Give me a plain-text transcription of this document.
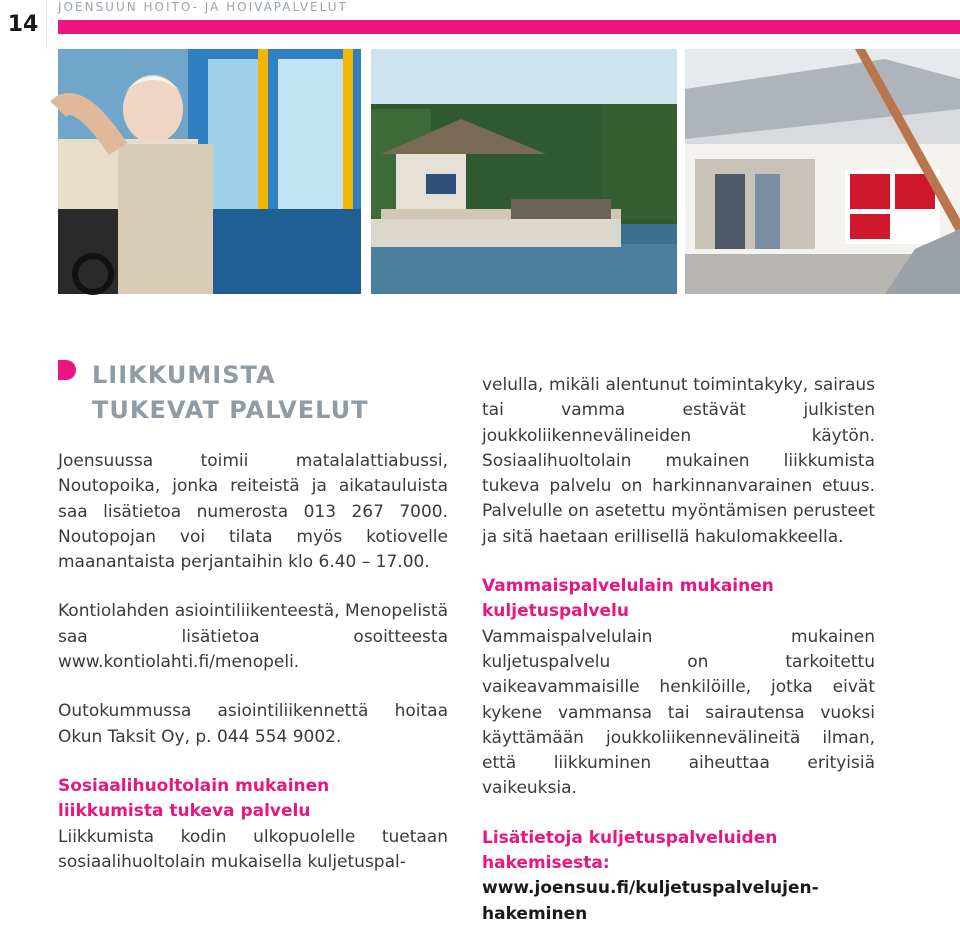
14
JOENSUUN HOITO- JA HOIVAPALVELUT
LIIKKUMISTA
TUKEVAT PALVELUT

Joensuussa toimii matalalattiabussi, Noutopoika, jonka reiteistä ja aikatauluista saa lisätietoa numerosta 013 267 7000. Noutopojan voi tilata myös kotiovelle maanantaista perjantaihin klo 6.40 – 17.00.

Kontiolahden asiointiliikenteestä, Menopelistä saa lisätietoa osoitteesta www.kontiolahti.fi/menopeli.

Outokummussa asiointiliikennettä hoitaa Okun Taksit Oy, p. 044 554 9002.

Sosiaalihuoltolain mukainen
liikkumista tukeva palvelu

Liikkumista kodin ulkopuolelle tuetaan sosiaalihuoltolain mukaisella kuljetuspal-

velulla, mikäli alentunut toimintakyky, sairaus tai vamma estävät julkisten joukkoliikennevälineiden käytön. Sosiaalihuoltolain mukainen liikkumista tukeva palvelu on harkinnanvarainen etuus. Palvelulle on asetettu myöntämisen perusteet ja sitä haetaan erillisellä hakulomakkeella.

Vammaispalvelulain mukainen
kuljetuspalvelu

Vammaispalvelulain mukainen kuljetuspalvelu on tarkoitettu vaikeavammaisille henkilöille, jotka eivät kykene vammansa tai sairautensa vuoksi käyttämään joukkoliikennevälineitä ilman, että liikkuminen aiheuttaa erityisiä vaikeuksia.

Lisätietoja kuljetuspalveluiden
hakemisesta: www.joensuu.fi/kuljetuspalvelujen-hakeminen
